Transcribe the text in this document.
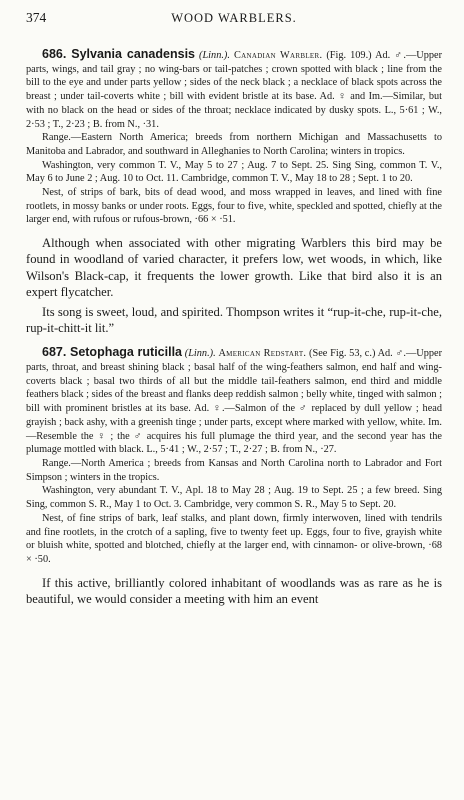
374	WOOD WARBLERS.
686. Sylvania canadensis (Linn.). Canadian Warbler. (Fig. 109.) Ad. ♂.—Upper parts, wings, and tail gray ; no wing-bars or tail-patches ; crown spotted with black ; line from the bill to the eye and under parts yellow ; sides of the neck black ; a necklace of black spots across the breast ; under tail-coverts white ; bill with evident bristle at its base. Ad. ♀ and Im.—Similar, but with no black on the head or sides of the throat; necklace indicated by dusky spots. L., 5·61 ; W., 2·53 ; T., 2·23 ; B. from N., ·31.

Range.—Eastern North America; breeds from northern Michigan and Massachusetts to Manitoba and Labrador, and southward in Alleghanies to North Carolina; winters in tropics.

Washington, very common T. V., May 5 to 27 ; Aug. 7 to Sept. 25. Sing Sing, common T. V., May 6 to June 2 ; Aug. 10 to Oct. 11. Cambridge, common T. V., May 18 to 28 ; Sept. 1 to 20.

Nest, of strips of bark, bits of dead wood, and moss wrapped in leaves, and lined with fine rootlets, in mossy banks or under roots. Eggs, four to five, white, speckled and spotted, chiefly at the larger end, with rufous or rufous-brown, ·66 × ·51.

Although when associated with other migrating Warblers this bird may be found in woodland of varied character, it prefers low, wet woods, in which, like Wilson's Black-cap, it frequents the lower growth. Like that bird also it is an expert flycatcher.

Its song is sweet, loud, and spirited. Thompson writes it “rup-it-che, rup-it-che, rup-it-chitt-it lit.”

687. Setophaga ruticilla (Linn.). American Redstart. (See Fig. 53, c.) Ad. ♂.—Upper parts, throat, and breast shining black ; basal half of the wing-feathers salmon, end half and wing-coverts black ; basal two thirds of all but the middle tail-feathers salmon, end third and middle feathers black ; sides of the breast and flanks deep reddish salmon ; belly white, tinged with salmon ; bill with prominent bristles at its base. Ad. ♀.—Salmon of the ♂ replaced by dull yellow ; head grayish ; back ashy, with a greenish tinge ; under parts, except where marked with yellow, white. Im.—Resemble the ♀ ; the ♂ acquires his full plumage the third year, and the second year has the plumage mottled with black. L., 5·41 ; W., 2·57 ; T., 2·27 ; B. from N., ·27.

Range.—North America ; breeds from Kansas and North Carolina north to Labrador and Fort Simpson ; winters in the tropics.

Washington, very abundant T. V., Apl. 18 to May 28 ; Aug. 19 to Sept. 25 ; a few breed. Sing Sing, common S. R., May 1 to Oct. 3. Cambridge, very common S. R., May 5 to Sept. 20.

Nest, of fine strips of bark, leaf stalks, and plant down, firmly interwoven, lined with tendrils and fine rootlets, in the crotch of a sapling, five to twenty feet up. Eggs, four to five, grayish white or bluish white, spotted and blotched, chiefly at the larger end, with cinnamon- or olive-brown, ·68 × ·50.

If this active, brilliantly colored inhabitant of woodlands was as rare as he is beautiful, we would consider a meeting with him an event
